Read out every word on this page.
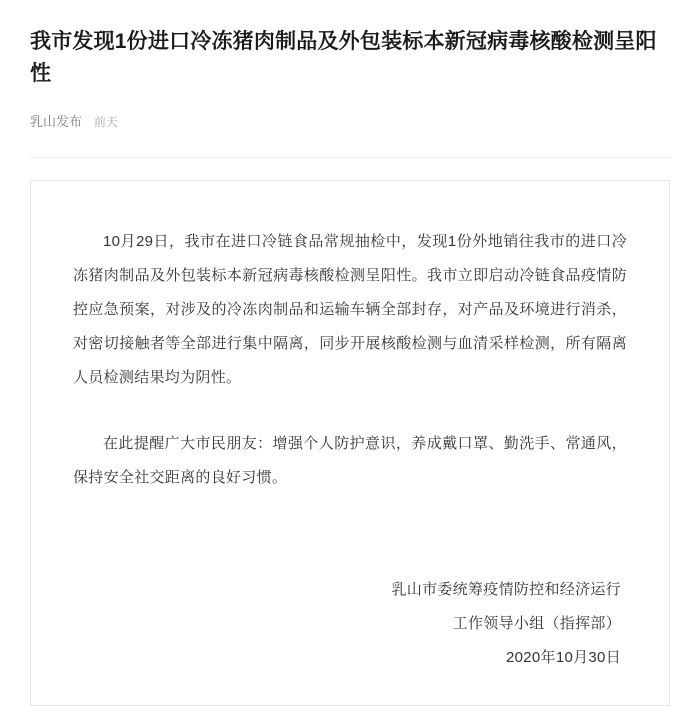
我市发现1份进口冷冻猪肉制品及外包装标本新冠病毒核酸检测呈阳性
乳山发布 前天

10月29日，我市在进口冷链食品常规抽检中，发现1份外地销往我市的进口冷冻猪肉制品及外包装标本新冠病毒核酸检测呈阳性。我市立即启动冷链食品疫情防控应急预案，对涉及的冷冻肉制品和运输车辆全部封存，对产品及环境进行消杀，对密切接触者等全部进行集中隔离，同步开展核酸检测与血清采样检测，所有隔离人员检测结果均为阴性。

在此提醒广大市民朋友：增强个人防护意识，养成戴口罩、勤洗手、常通风，保持安全社交距离的良好习惯。

乳山市委统筹疫情防控和经济运行
工作领导小组（指挥部）
2020年10月30日
